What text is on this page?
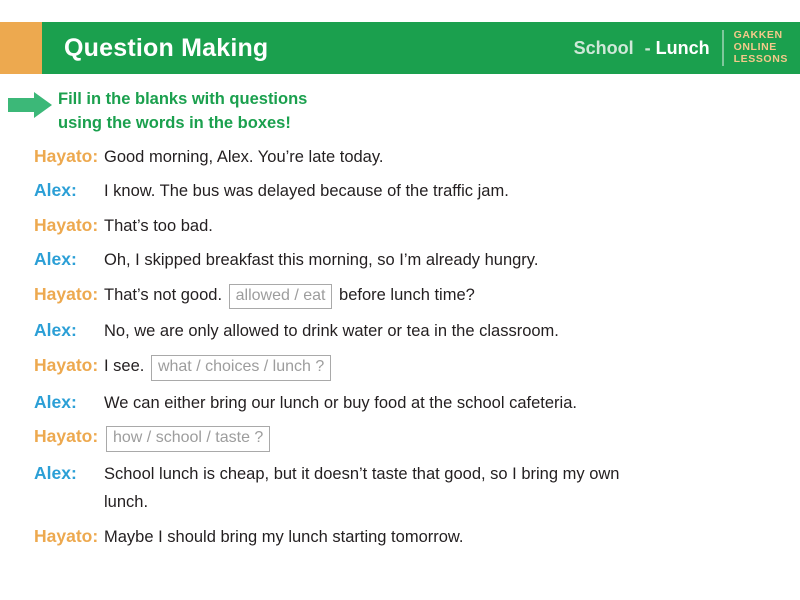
Question Making	School - Lunch
GAKKEN
ONLINE
LESSONS
Fill in the blanks with questions
using the words in the boxes!
Hayato: Good morning, Alex. You’re late today.
Alex:	I know. The bus was delayed because of the traffic jam.
Hayato: That’s too bad.
Alex:	Oh, I skipped breakfast this morning, so I’m already hungry.
Hayato: That’s not good. allowed / eat before lunch time?
Alex:	No, we are only allowed to drink water or tea in the classroom.
Hayato: I see. what / choices / lunch ?
Alex:	We can either bring our lunch or buy food at the school cafeteria.
Hayato: how / school / taste ?
Alex:	School lunch is cheap, but it doesn’t taste that good, so I bring my own
lunch.
Hayato: Maybe I should bring my lunch starting tomorrow.
